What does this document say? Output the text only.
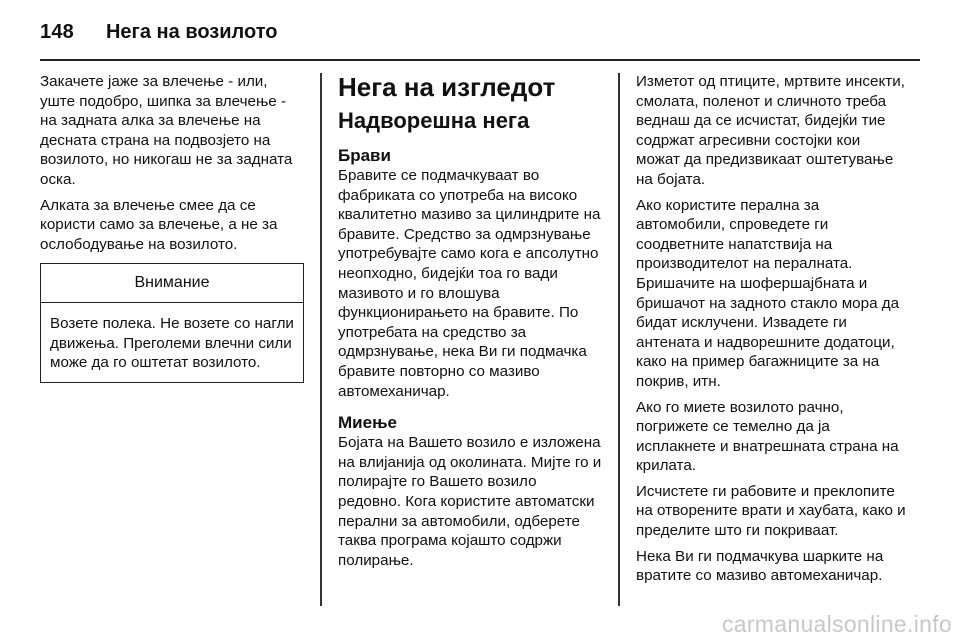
148 Нега на возилото

Закачете јаже за влечење - или, уште подобро, шипка за влечење - на задната алка за влечење на десната страна на подвозјето на возилото, но никогаш не за задната оска.

Алката за влечење смее да се користи само за влечење, а не за ослободување на возилото.

Внимание
Возете полека. Не возете со нагли движења. Преголеми влечни сили може да го оштетат возилото.
Нега на изгледот
Надворешна нега
Брави

Бравите се подмачкуваат во фабриката со употреба на високо квалитетно мазиво за цилиндрите на бравите. Средство за одмрзнување употребувајте само кога е апсолутно неопходно, бидејќи тоа го вади мазивото и го влошува функционирањето на бравите. По употребата на средство за одмрзнување, нека Ви ги подмачка бравите повторно со мазиво автомеханичар.

Миење

Бојата на Вашето возило е изложена на влијанија од околината. Мијте го и полирајте го Вашето возило редовно. Кога користите автоматски перални за автомобили, одберете таква програма којашто содржи полирање.

Изметот од птиците, мртвите инсекти, смолата, поленот и сличното треба веднаш да се исчистат, бидејќи тие содржат агресивни состојки кои можат да предизвикаат оштетување на бојата.

Ако користите перална за автомобили, спроведете ги соодветните напатствија на производителот на пералната. Бришачите на шофершајбната и бришачот на задното стакло мора да бидат исклучени. Извадете ги антената и надворешните додатоци, како на пример багажниците за на покрив, итн.

Ако го миете возилото рачно, погрижете се темелно да ја исплакнете и внатрешната страна на крилата.

Исчистете ги рабовите и преклопите на отворените врати и хаубата, како и пределите што ги покриваат.

Нека Ви ги подмачкува шарките на вратите со мазиво автомеханичар.

carmanualsonline.info
